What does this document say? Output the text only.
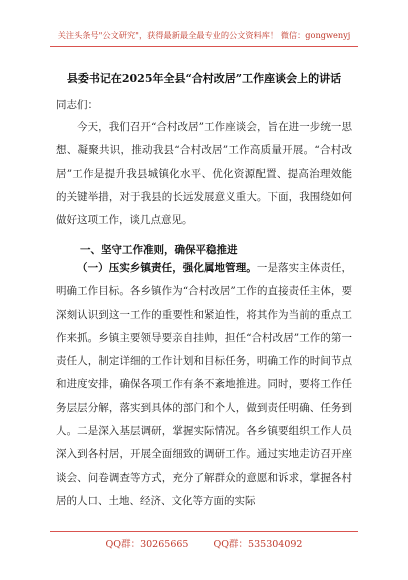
关注头条号"公文研究"，获得最新最全最专业的公文资料库！ 微信：gongwenyj
县委书记在2025年全县“合村改居”工作座谈会上的讲话
同志们：

今天，我们召开“合村改居”工作座谈会，旨在进一步统一思想、凝聚共识，推动我县“合村改居”工作高质量开展。“合村改居”工作是提升我县城镇化水平、优化资源配置、提高治理效能的关键举措，对于我县的长远发展意义重大。下面，我围绕如何做好这项工作，谈几点意见。

一、坚守工作准则，确保平稳推进

（一）压实乡镇责任，强化属地管理。一是落实主体责任，明确工作目标。各乡镇作为“合村改居”工作的直接责任主体，要深刻认识到这一工作的重要性和紧迫性，将其作为当前的重点工作来抓。乡镇主要领导要亲自挂帅，担任“合村改居”工作的第一责任人，制定详细的工作计划和目标任务，明确工作的时间节点和进度安排，确保各项工作有条不紊地推进。同时，要将工作任务层层分解，落实到具体的部门和个人，做到责任明确、任务到人。二是深入基层调研，掌握实际情况。各乡镇要组织工作人员深入到各村居，开展全面细致的调研工作。通过实地走访召开座谈会、问卷调查等方式，充分了解群众的意愿和诉求，掌握各村居的人口、土地、经济、文化等方面的实际

QQ群：30265665	QQ群：535304092
